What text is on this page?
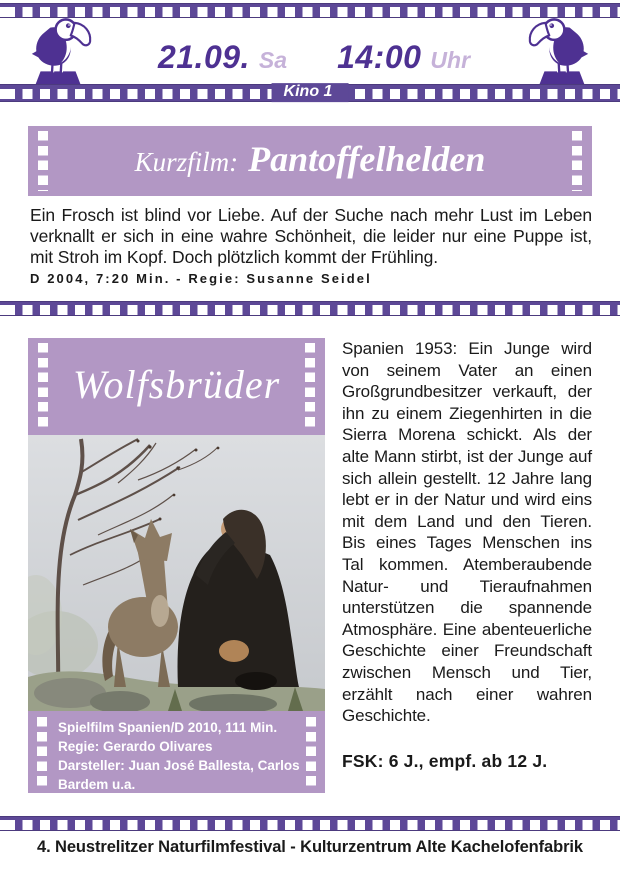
21.09. Sa 14:00 Uhr
Kino 1
Kurzfilm: Pantoffelhelden
Ein Frosch ist blind vor Liebe. Auf der Suche nach mehr Lust im Leben verknallt er sich in eine wahre Schönheit, die leider nur eine Puppe ist, mit Stroh im Kopf. Doch plötzlich kommt der Frühling.
D 2004, 7:20 Min. - Regie: Susanne Seidel
Wolfsbrüder
Spielfilm Spanien/D 2010, 111 Min.
Regie: Gerardo Olivares
Darsteller: Juan José Ballesta, Carlos Bardem u.a.
Spanien 1953: Ein Junge wird von seinem Vater an einen Großgrundbesitzer verkauft, der ihn zu einem Ziegenhirten in die Sierra Morena schickt. Als der alte Mann stirbt, ist der Junge auf sich allein gestellt. 12 Jahre lang lebt er in der Natur und wird eins mit dem Land und den Tieren. Bis eines Tages Menschen ins Tal kommen. Atemberaubende Natur- und Tieraufnahmen unterstützen die spannende Atmosphäre. Eine abenteuerliche Geschichte einer Freundschaft zwischen Mensch und Tier, erzählt nach einer wahren Geschichte.
FSK: 6 J., empf. ab 12 J.
4. Neustrelitzer Naturfilmfestival - Kulturzentrum Alte Kachelofenfabrik
